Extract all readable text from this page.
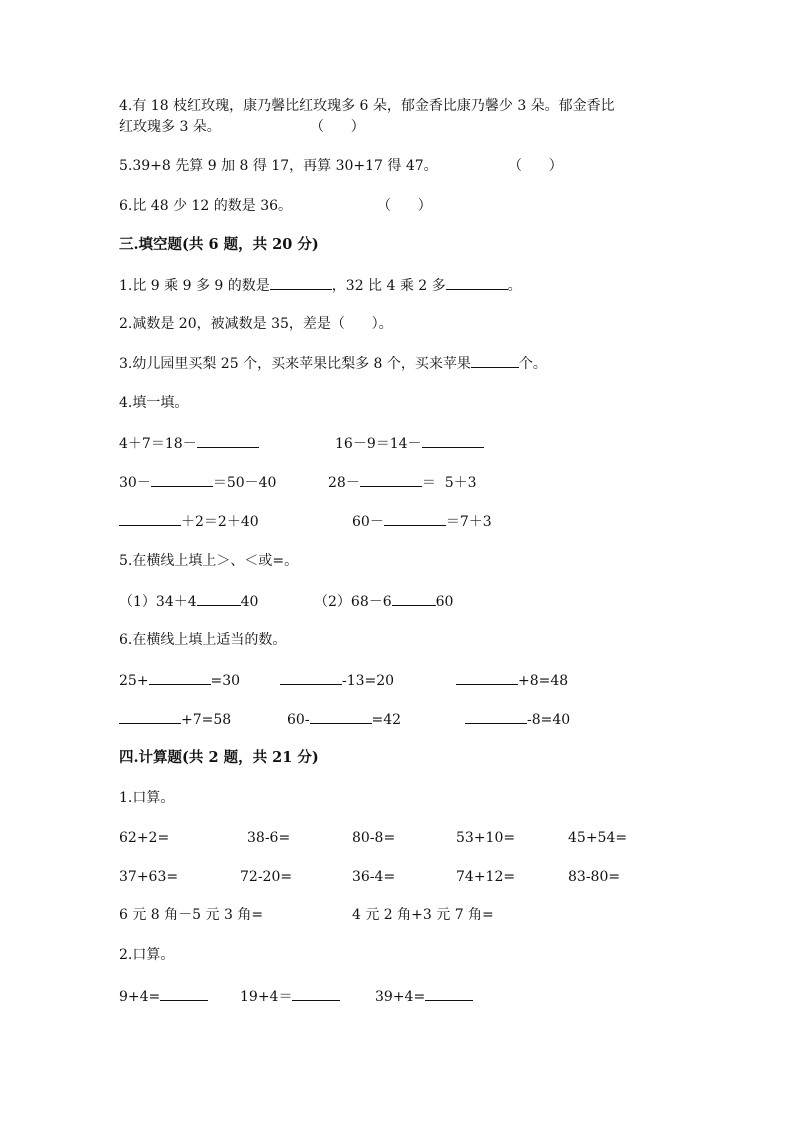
4.有 18 枝红玫瑰，康乃馨比红玫瑰多 6 朵，郁金香比康乃馨少 3 朵。郁金香比
红玫瑰多 3 朵。	（      ）
5.39+8 先算 9 加 8 得 17，再算 30+17 得 47。	（      ）
6.比 48 少 12 的数是 36。	（      ）
三.填空题(共 6 题，共 20 分)
1.比 9 乘 9 多 9 的数是	，32 比 4 乘 2 多	。
2.减数是 20，被减数是 35，差是（      ）。
3.幼儿园里买梨 25 个，买来苹果比梨多 8 个，买来苹果	个。
4.填一填。
4＋7＝18－	16－9＝14－
30－	＝50－40	28－	＝  5＋3
＋2＝2＋40	60－	＝7＋3
5.在横线上填上＞、＜或=。
（1）34＋4	40	（2）68－6	60
6.在横线上填上适当的数。
25+	=30	-13=20	+8=48
+7=58	60-	=42	-8=40
四.计算题(共 2 题，共 21 分)
1.口算。
62+2=	38-6=	80-8=	53+10=	45+54=
37+63=	72-20=	36-4=	74+12=	83-80=
6 元 8 角－5 元 3 角=	4 元 2 角+3 元 7 角=
2.口算。
9+4=	19+4＝	39+4=
